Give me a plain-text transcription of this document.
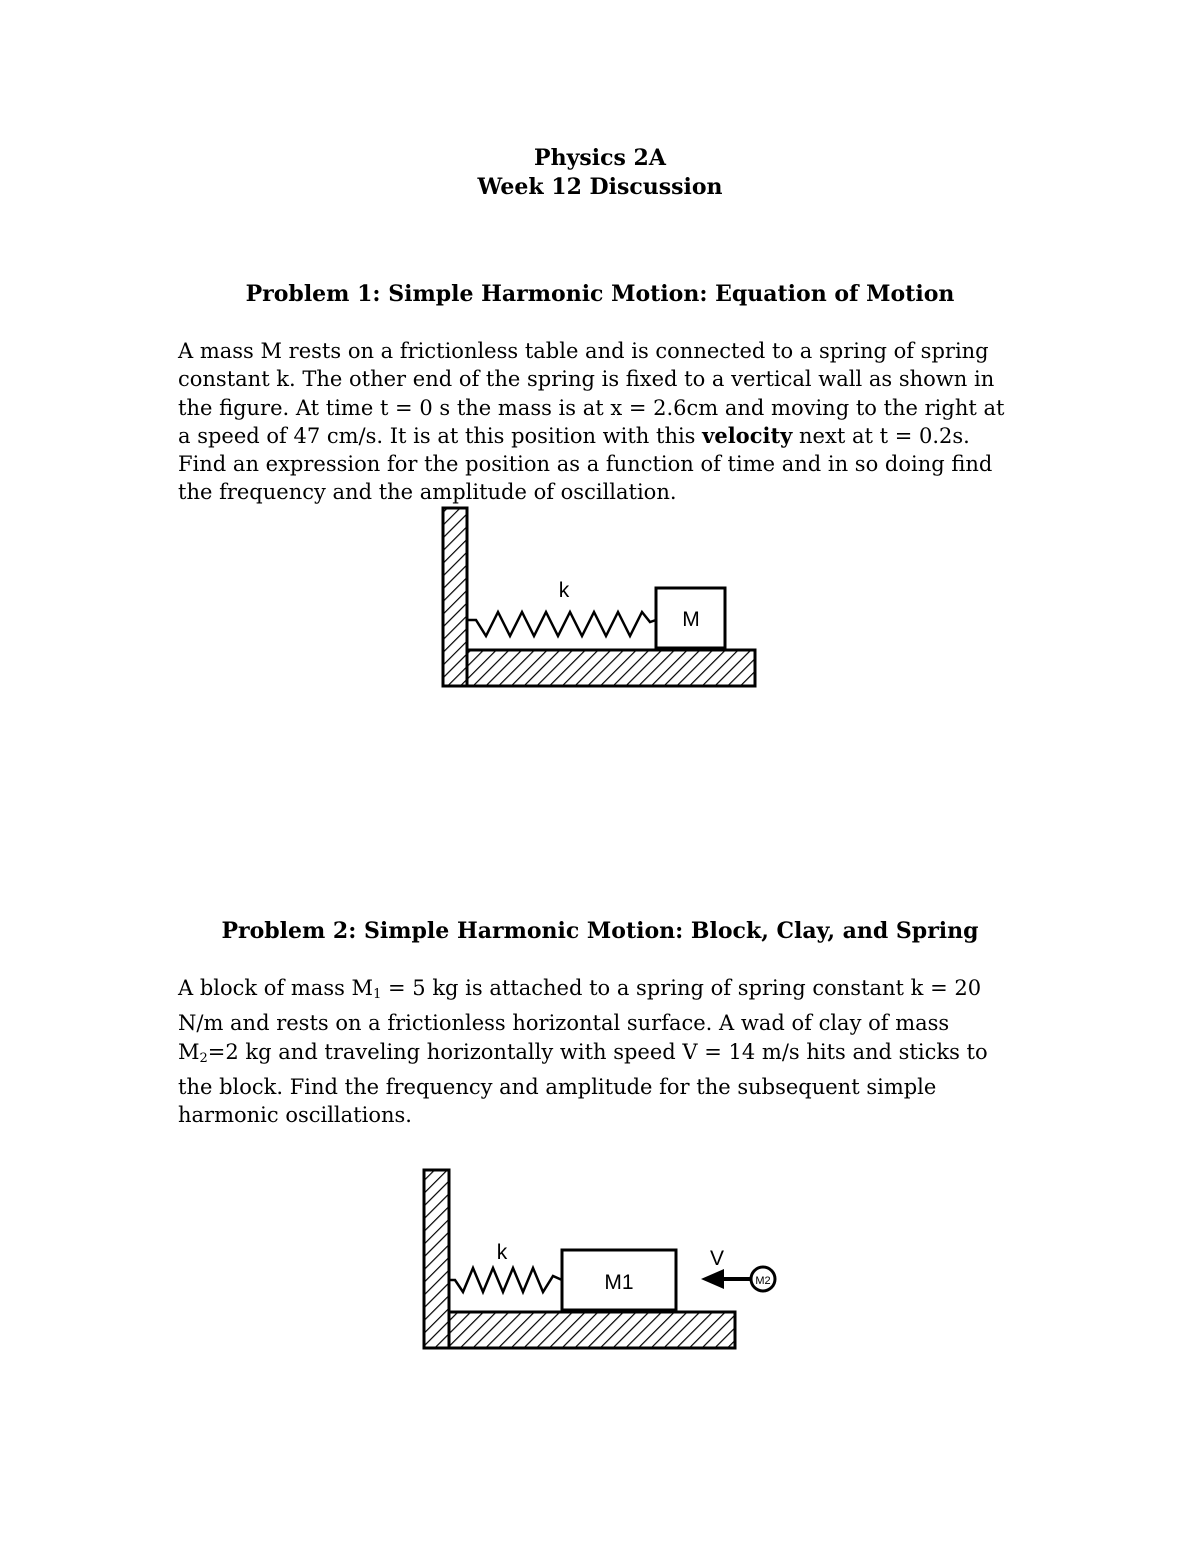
Physics 2A
Week 12 Discussion
Problem 1: Simple Harmonic Motion: Equation of Motion
A mass M rests on a frictionless table and is connected to a spring of spring
constant k. The other end of the spring is fixed to a vertical wall as shown in
the figure. At time t = 0 s the mass is at x = 2.6cm and moving to the right at
a speed of 47 cm/s. It is at this position with this velocity next at t = 0.2s.
Find an expression for the position as a function of time and in so doing find
the frequency and the amplitude of oscillation.
k
M
k
M1
V
M2
Problem 2: Simple Harmonic Motion: Block, Clay, and Spring
A block of mass $M_1 = 5$ kg is attached to a spring of spring constant k = 20
N/m and rests on a frictionless horizontal surface. A wad of clay of mass
$M_2=2$ kg and traveling horizontally with speed V = 14 m/s hits and sticks to
the block. Find the frequency and amplitude for the subsequent simple
harmonic oscillations.
